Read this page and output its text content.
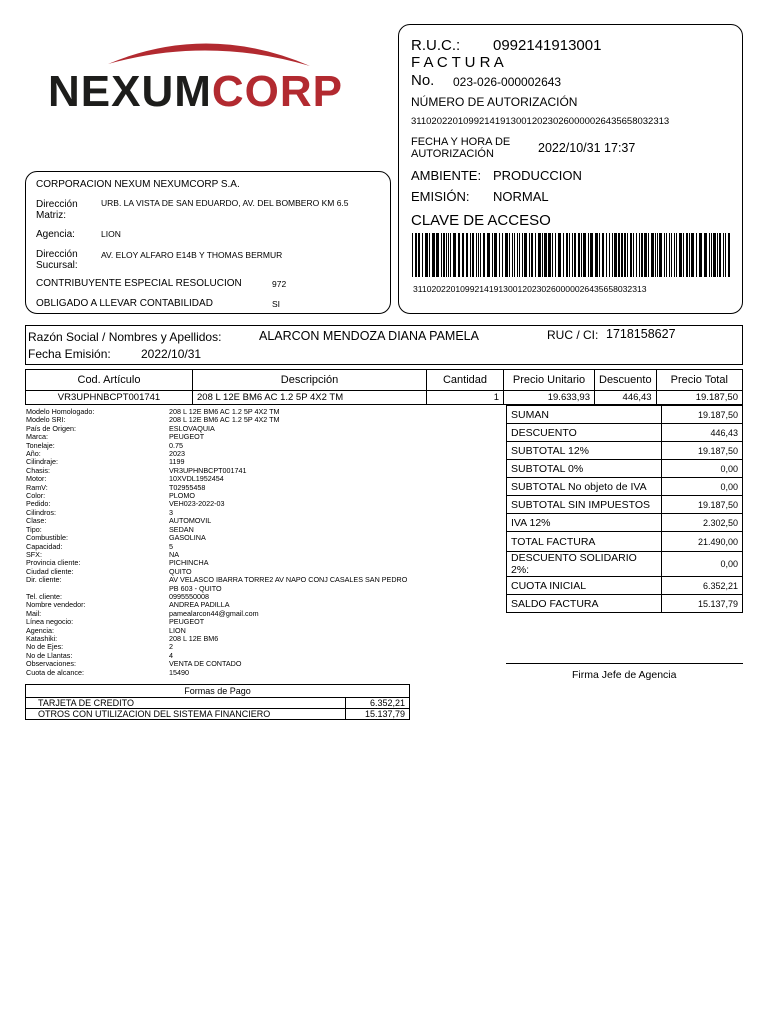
NEXUMCORP
R.U.C.: 0992141913001
F A C T U R A
No. 023-026-000002643
NÚMERO DE AUTORIZACIÓN
3110202201099214191300120230260000026435658032313
FECHA Y HORA DE AUTORIZACIÓN	2022/10/31 17:37
AMBIENTE: PRODUCCION
EMISIÓN: NORMAL
CLAVE DE ACCESO
3110202201099214191300120230260000026435658032313
CORPORACION NEXUM NEXUMCORP S.A.
Dirección Matriz:
URB. LA VISTA DE SAN EDUARDO, AV. DEL BOMBERO KM 6.5
Agencia:	LION
Dirección Sucursal:
AV. ELOY ALFARO E14B Y THOMAS BERMUR
CONTRIBUYENTE ESPECIAL RESOLUCION	972
OBLIGADO A LLEVAR CONTABILIDAD	SI
Razón Social / Nombres y Apellidos:	ALARCON MENDOZA DIANA PAMELA	RUC / CI: 1718158627
Fecha Emisión:	2022/10/31
Cod. Artículo	Descripción	Cantidad	Precio Unitario	Descuento	Precio Total
VR3UPHNBCPT001741	208 L 12E BM6 AC 1.2 5P 4X2 TM	1	19.633,93	446,43	19.187,50
Modelo Homologado:	208 L 12E BM6 AC 1.2 5P 4X2 TM
Modelo SRI:	208 L 12E BM6 AC 1.2 5P 4X2 TM
País de Origen:	ESLOVAQUIA
Marca:	PEUGEOT
Tonelaje:	0.75
Año:	2023
Cilindraje:	1199
Chasis:	VR3UPHNBCPT001741
Motor:	10XVDL1952454
RamV:	T02955458
Color:	PLOMO
Pedido:	VEH023-2022-03
Cilindros:	3
Clase:	AUTOMOVIL
Tipo:	SEDAN
Combustible:	GASOLINA
Capacidad:	5
SFX:	NA
Provincia cliente:	PICHINCHA
Ciudad cliente:	QUITO
Dir. cliente:	AV VELASCO IBARRA TORRE2 AV NAPO CONJ CASALES SAN PEDRO PB 603 - QUITO
Tel. cliente:	0995550008
Nombre vendedor:	ANDREA PADILLA
Mail:	pamealarcon44@gmail.com
Línea negocio:	PEUGEOT
Agencia:	LION
Katashiki:	208 L 12E BM6
No de Ejes:	2
No de Llantas:	4
Observaciones:	VENTA DE CONTADO
Cuota de alcance:	15490
SUMAN	19.187,50
DESCUENTO	446,43
SUBTOTAL 12%	19.187,50
SUBTOTAL 0%	0,00
SUBTOTAL No objeto de IVA	0,00
SUBTOTAL SIN IMPUESTOS	19.187,50
IVA 12%	2.302,50
TOTAL FACTURA	21.490,00
DESCUENTO SOLIDARIO 2%:	0,00
CUOTA INICIAL	6.352,21
SALDO FACTURA	15.137,79
Firma Jefe de Agencia
Formas de Pago	
TARJETA DE CREDITO	6.352,21
OTROS CON UTILIZACION DEL SISTEMA FINANCIERO	15.137,79
